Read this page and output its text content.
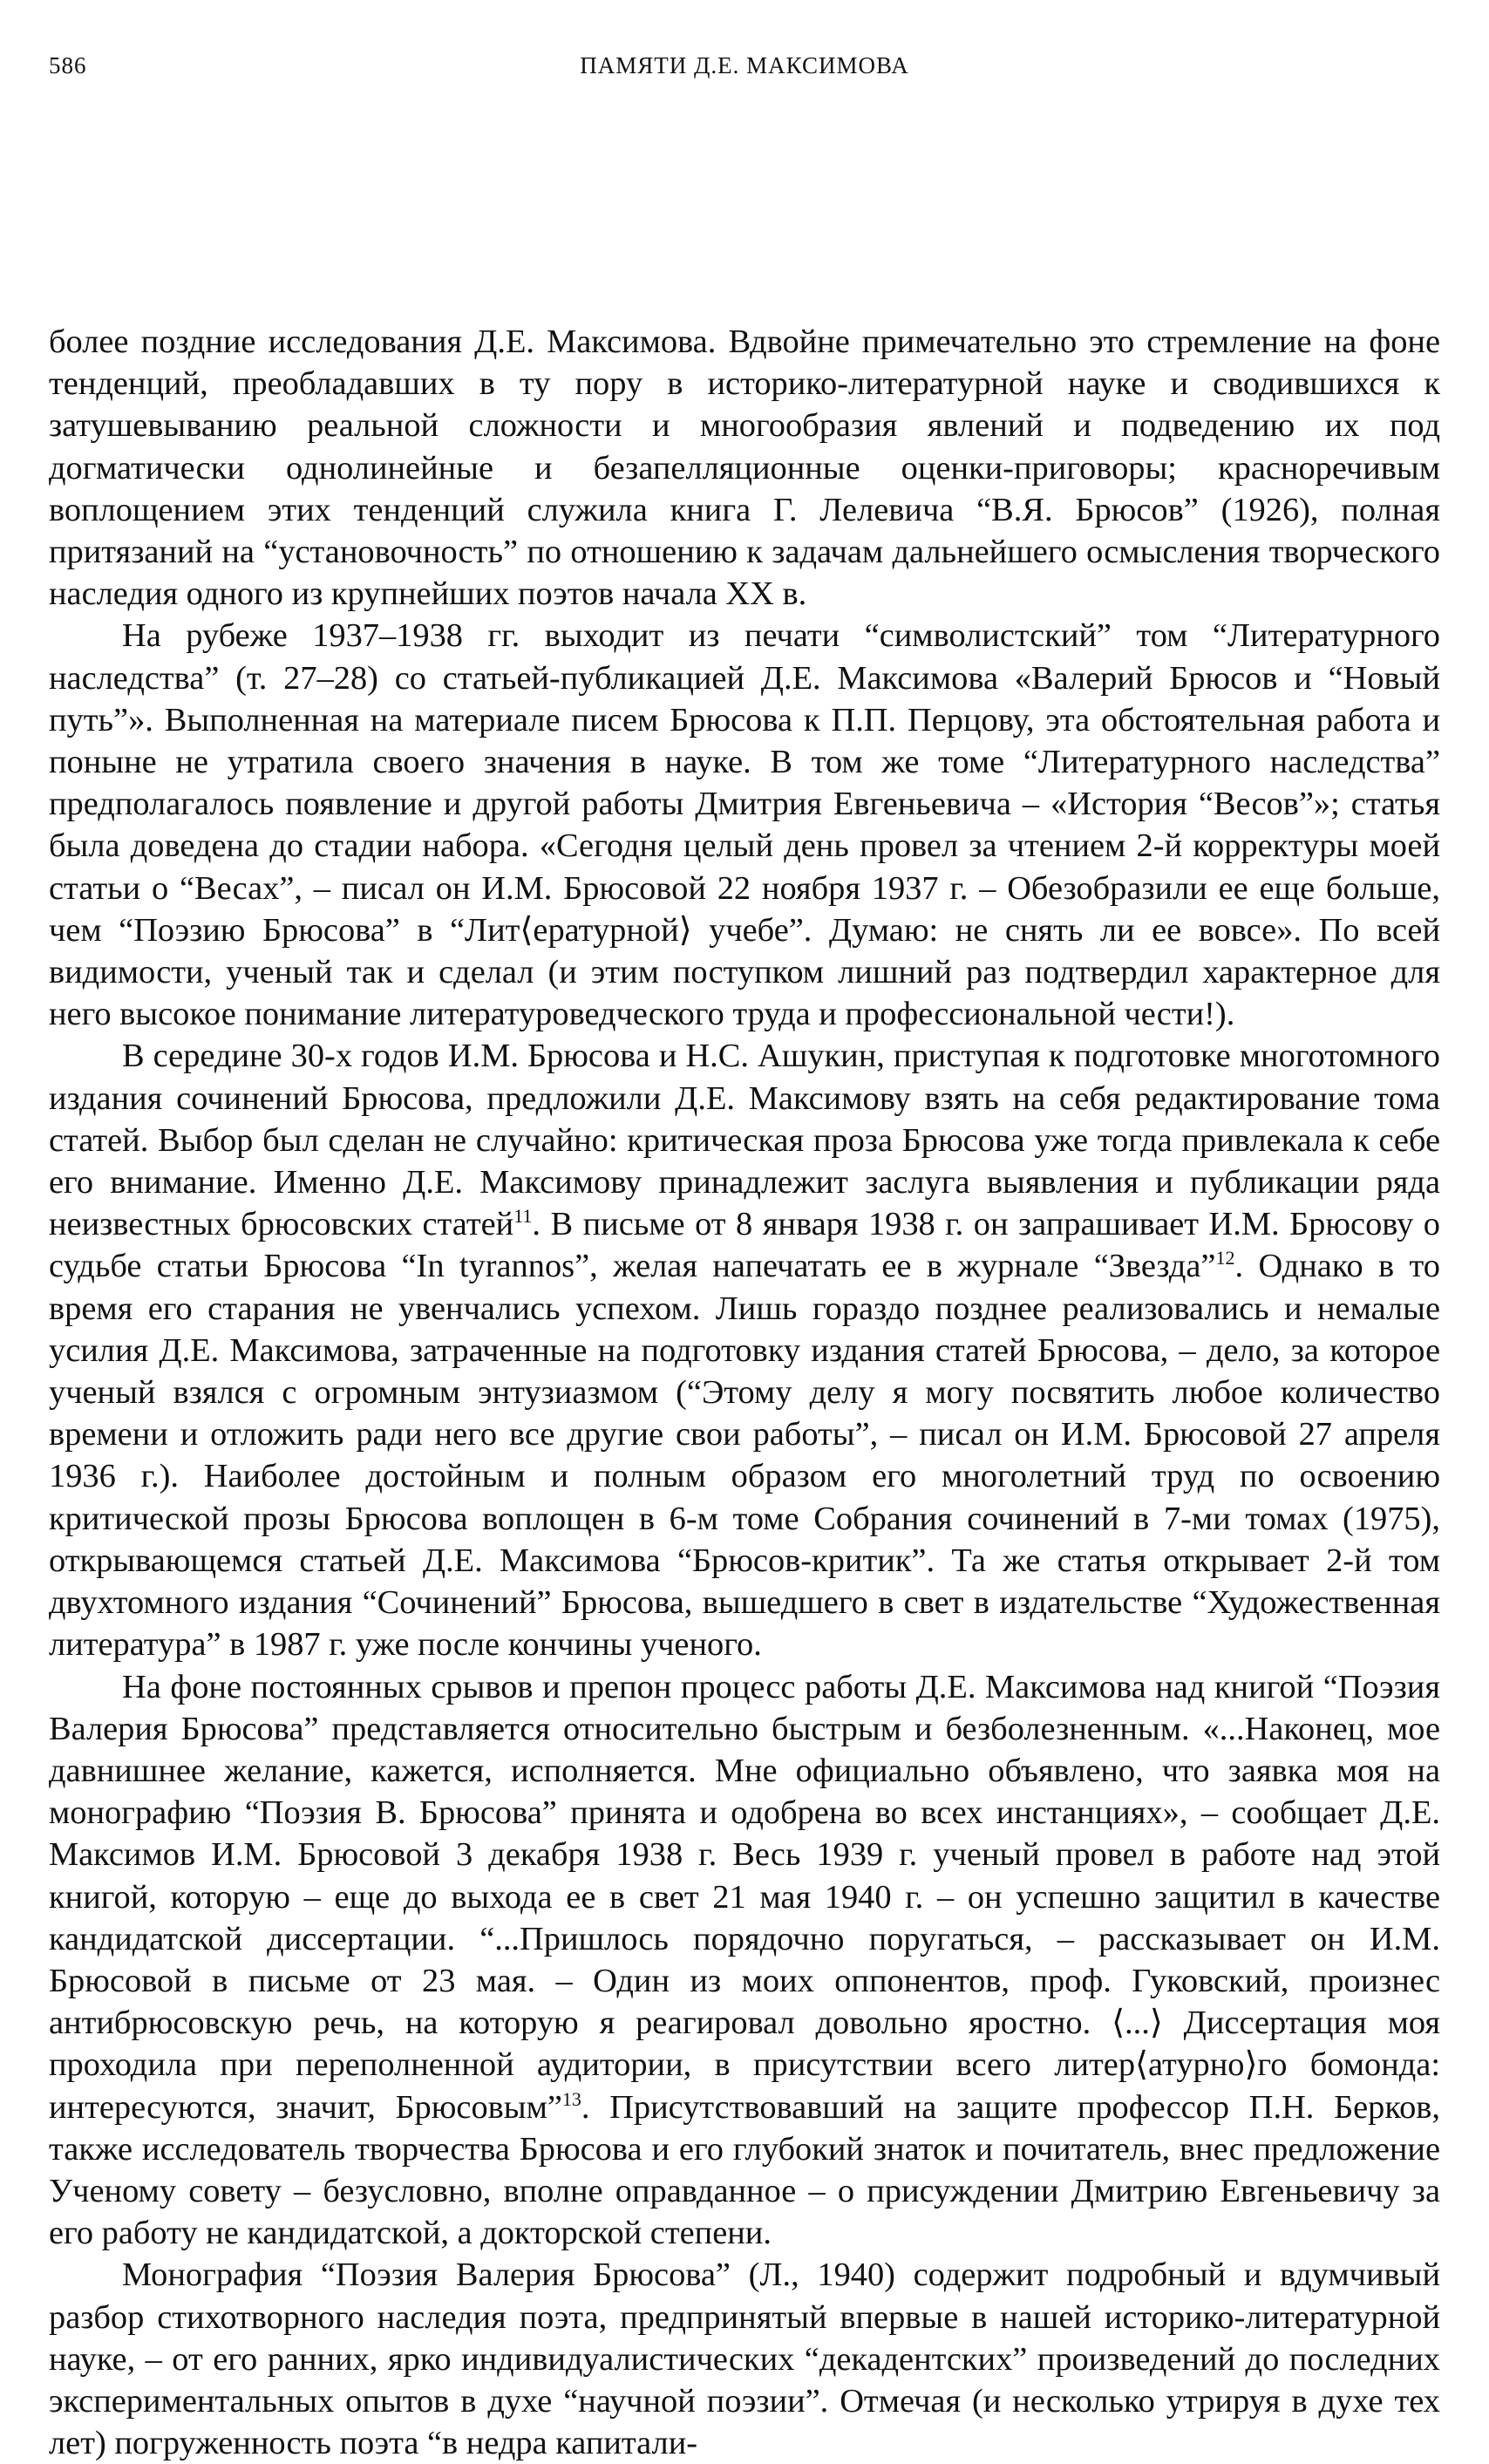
586	ПАМЯТИ Д.Е. МАКСИМОВА

более поздние исследования Д.Е. Максимова. Вдвойне примечательно это стремление на фоне тенденций, преобладавших в ту пору в историко-литературной науке и сводившихся к затушевыванию реальной сложности и многообразия явлений и подведению их под догматически однолинейные и безапелляционные оценки-приговоры; красноречивым воплощением этих тенденций служила книга Г. Лелевича “В.Я. Брюсов” (1926), полная притязаний на “установочность” по отношению к задачам дальнейшего осмысления творческого наследия одного из крупнейших поэтов начала XX в.

На рубеже 1937–1938 гг. выходит из печати “символистский” том “Литературного наследства” (т. 27–28) со статьей-публикацией Д.Е. Максимова «Валерий Брюсов и “Новый путь”». Выполненная на материале писем Брюсова к П.П. Перцову, эта обстоятельная работа и поныне не утратила своего значения в науке. В том же томе “Литературного наследства” предполагалось появление и другой работы Дмитрия Евгеньевича – «История “Весов”»; статья была доведена до стадии набора. «Сегодня целый день провел за чтением 2-й корректуры моей статьи о “Весах”, – писал он И.М. Брюсовой 22 ноября 1937 г. – Обезобразили ее еще больше, чем “Поэзию Брюсова” в “Лит⟨ературной⟩ учебе”. Думаю: не снять ли ее вовсе». По всей видимости, ученый так и сделал (и этим поступком лишний раз подтвердил характерное для него высокое понимание литературоведческого труда и профессиональной чести!).

В середине 30-х годов И.М. Брюсова и Н.С. Ашукин, приступая к подготовке многотомного издания сочинений Брюсова, предложили Д.Е. Максимову взять на себя редактирование тома статей. Выбор был сделан не случайно: критическая проза Брюсова уже тогда привлекала к себе его внимание. Именно Д.Е. Максимову принадлежит заслуга выявления и публикации ряда неизвестных брюсовских статей$^{11}$. В письме от 8 января 1938 г. он запрашивает И.М. Брюсову о судьбе статьи Брюсова “In tyrannos”, желая напечатать ее в журнале “Звезда”$^{12}$. Однако в то время его старания не увенчались успехом. Лишь гораздо позднее реализовались и немалые усилия Д.Е. Максимова, затраченные на подготовку издания статей Брюсова, – дело, за которое ученый взялся с огромным энтузиазмом (“Этому делу я могу посвятить любое количество времени и отложить ради него все другие свои работы”, – писал он И.М. Брюсовой 27 апреля 1936 г.). Наиболее достойным и полным образом его многолетний труд по освоению критической прозы Брюсова воплощен в 6-м томе Собрания сочинений в 7-ми томах (1975), открывающемся статьей Д.Е. Максимова “Брюсов-критик”. Та же статья открывает 2-й том двухтомного издания “Сочинений” Брюсова, вышедшего в свет в издательстве “Художественная литература” в 1987 г. уже после кончины ученого.

На фоне постоянных срывов и препон процесс работы Д.Е. Максимова над книгой “Поэзия Валерия Брюсова” представляется относительно быстрым и безболезненным. «...Наконец, мое давнишнее желание, кажется, исполняется. Мне официально объявлено, что заявка моя на монографию “Поэзия В. Брюсова” принята и одобрена во всех инстанциях», – сообщает Д.Е. Максимов И.М. Брюсовой 3 декабря 1938 г. Весь 1939 г. ученый провел в работе над этой книгой, которую – еще до выхода ее в свет 21 мая 1940 г. – он успешно защитил в качестве кандидатской диссертации. “...Пришлось порядочно поругаться, – рассказывает он И.М. Брюсовой в письме от 23 мая. – Один из моих оппонентов, проф. Гуковский, произнес антибрюсовскую речь, на которую я реагировал довольно яростно. ⟨...⟩ Диссертация моя проходила при переполненной аудитории, в присутствии всего литер⟨атурно⟩го бомонда: интересуются, значит, Брюсовым”$^{13}$. Присутствовавший на защите профессор П.Н. Берков, также исследователь творчества Брюсова и его глубокий знаток и почитатель, внес предложение Ученому совету – безусловно, вполне оправданное – о присуждении Дмитрию Евгеньевичу за его работу не кандидатской, а докторской степени.

Монография “Поэзия Валерия Брюсова” (Л., 1940) содержит подробный и вдумчивый разбор стихотворного наследия поэта, предпринятый впервые в нашей историко-литературной науке, – от его ранних, ярко индивидуалистических “декадентских” произведений до последних экспериментальных опытов в духе “научной поэзии”. Отмечая (и несколько утрируя в духе тех лет) погруженность поэта “в недра капитали-
